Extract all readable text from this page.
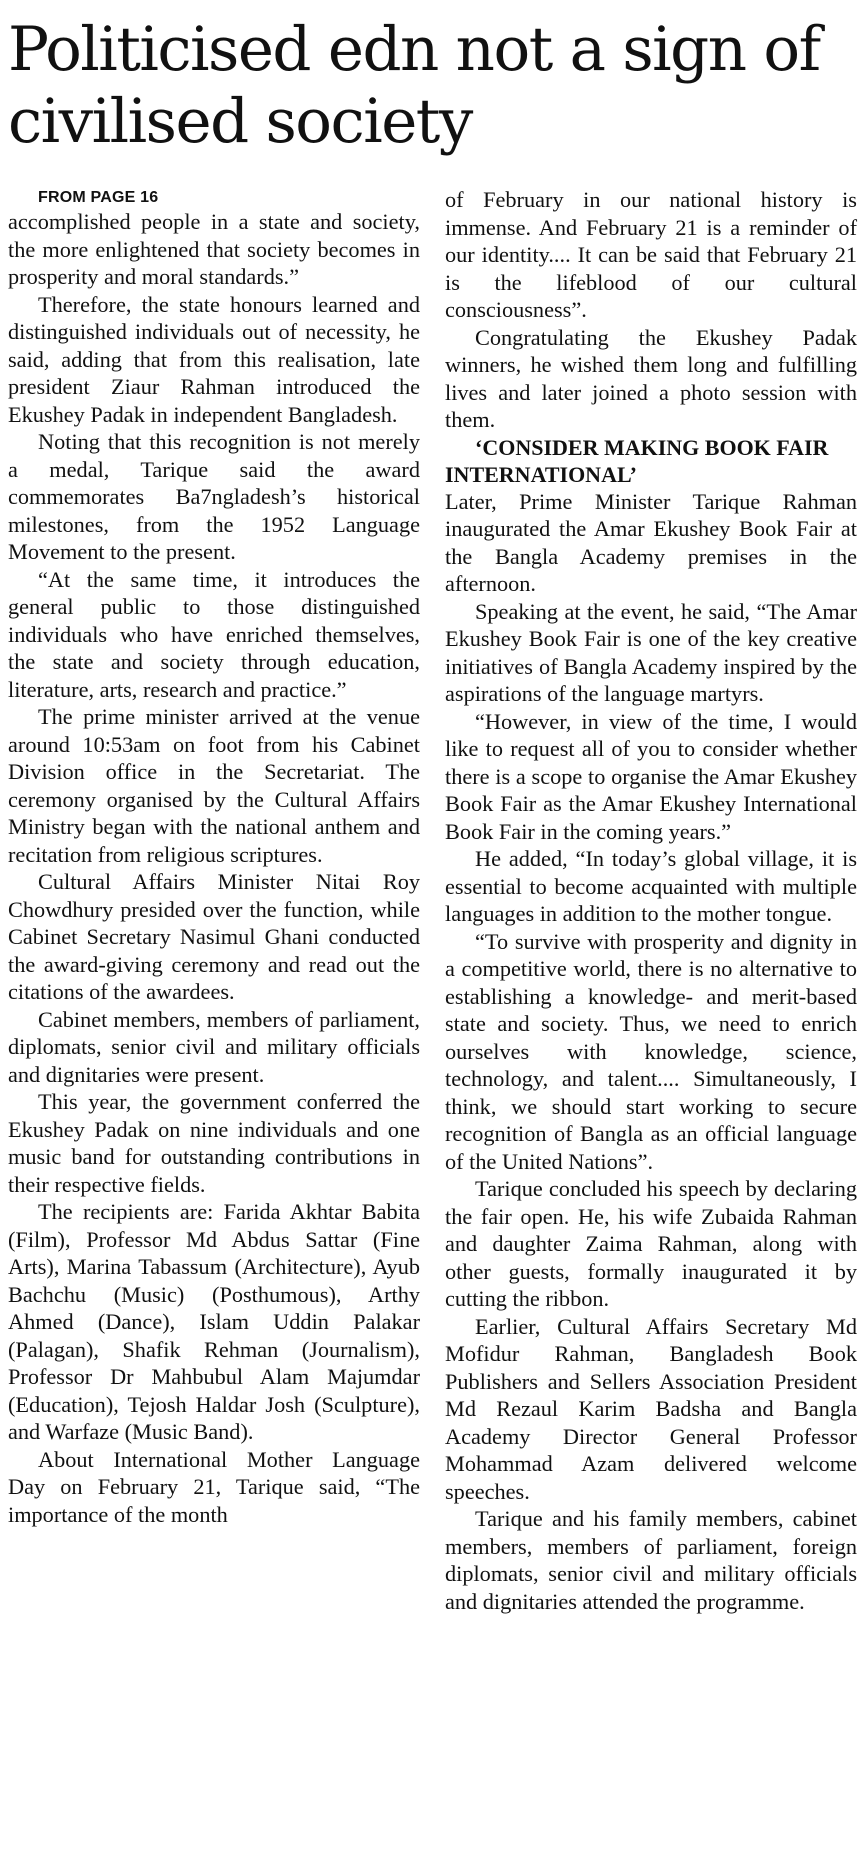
Politicised edn not a sign of civilised society

FROM PAGE 16

accomplished people in a state and society, the more enlightened that society becomes in prosperity and moral standards.”

Therefore, the state honours learned and distinguished individuals out of necessity, he said, adding that from this realisation, late president Ziaur Rahman introduced the Ekushey Padak in independent Bangladesh.

Noting that this recognition is not merely a medal, Tarique said the award commemorates Ba7ngladesh’s historical milestones, from the 1952 Language Movement to the present.

“At the same time, it introduces the general public to those distinguished individuals who have enriched themselves, the state and society through education, literature, arts, research and practice.”

The prime minister arrived at the venue around 10:53am on foot from his Cabinet Division office in the Secretariat. The ceremony organised by the Cultural Affairs Ministry began with the national anthem and recitation from religious scriptures.

Cultural Affairs Minister Nitai Roy Chowdhury presided over the function, while Cabinet Secretary Nasimul Ghani conducted the award-giving ceremony and read out the citations of the awardees.

Cabinet members, members of parliament, diplomats, senior civil and military officials and dignitaries were present.

This year, the government conferred the Ekushey Padak on nine individuals and one music band for outstanding contributions in their respective fields.

The recipients are: Farida Akhtar Babita (Film), Professor Md Abdus Sattar (Fine Arts), Marina Tabassum (Architecture), Ayub Bachchu (Music) (Posthumous), Arthy Ahmed (Dance), Islam Uddin Palakar (Palagan), Shafik Rehman (Journalism), Professor Dr Mahbubul Alam Majumdar (Education), Tejosh Haldar Josh (Sculpture), and Warfaze (Music Band).

About International Mother Language Day on February 21, Tarique said, “The importance of the month

of February in our national history is immense. And February 21 is a reminder of our identity.... It can be said that February 21 is the lifeblood of our cultural consciousness”.

Congratulating the Ekushey Padak winners, he wished them long and fulfilling lives and later joined a photo session with them.

‘CONSIDER MAKING BOOK FAIR INTERNATIONAL’

Later, Prime Minister Tarique Rahman inaugurated the Amar Ekushey Book Fair at the Bangla Academy premises in the afternoon.

Speaking at the event, he said, “The Amar Ekushey Book Fair is one of the key creative initiatives of Bangla Academy inspired by the aspirations of the language martyrs.

“However, in view of the time, I would like to request all of you to consider whether there is a scope to organise the Amar Ekushey Book Fair as the Amar Ekushey International Book Fair in the coming years.”

He added, “In today’s global village, it is essential to become acquainted with multiple languages in addition to the mother tongue.

“To survive with prosperity and dignity in a competitive world, there is no alternative to establishing a knowledge- and merit-based state and society. Thus, we need to enrich ourselves with knowledge, science, technology, and talent.... Simultaneously, I think, we should start working to secure recognition of Bangla as an official language of the United Nations”.

Tarique concluded his speech by declaring the fair open. He, his wife Zubaida Rahman and daughter Zaima Rahman, along with other guests, formally inaugurated it by cutting the ribbon.

Earlier, Cultural Affairs Secretary Md Mofidur Rahman, Bangladesh Book Publishers and Sellers Association President Md Rezaul Karim Badsha and Bangla Academy Director General Professor Mohammad Azam delivered welcome speeches.

Tarique and his family members, cabinet members, members of parliament, foreign diplomats, senior civil and military officials and dignitaries attended the programme.
